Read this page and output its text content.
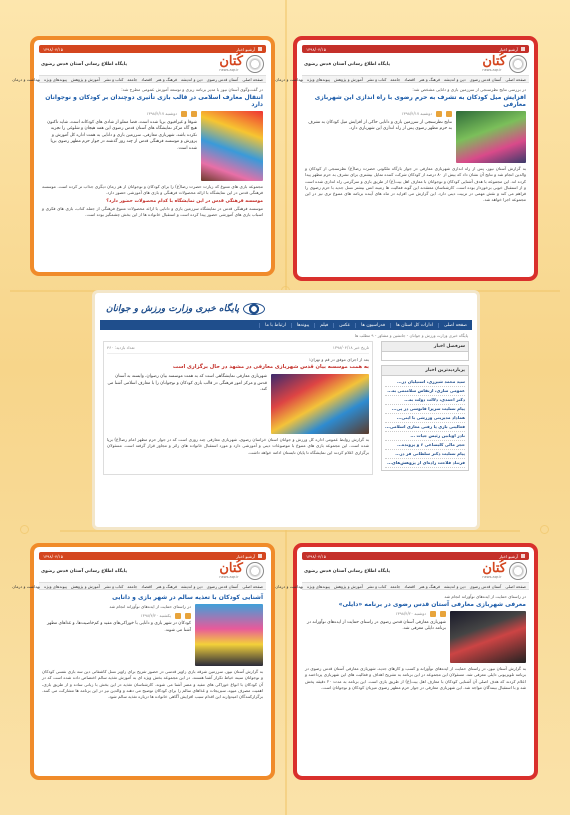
۱۳۹۸/۰۴/۱۵	آرشیو اخبار
کُتان
news.aqr.ir
پایگاه اطلاع رسانی آستان قدس رضوی
صفحه اصلی
آستان قدس رضوی
دین و اندیشه
فرهنگ و هنر
اقتصاد
جامعه
کتاب و نشر
آموزش و پژوهش
پیوندهای ویژه
بهداشت و درمان
در بررسی نتایج نظرسنجی از سرزمین بازی و دانایی مشخص شد:
افزایش میل کودکان به تشرف به حرم رضوی با راه اندازی این شهربازی معارفی
دوشنبه ۱۳۹۸/۴/۱۷
نتایج نظرسنجی از سرزمین بازی و دانایی حاکی از افزایش میل کودکان به تشرف به حرم مطهر رضوی پس از راه اندازی این شهربازی دارد.
به گزارش آستان نیوز، پس از راه اندازی شهربازی معارفی در جوار بارگاه ملکوتی حضرت رضا(ع) نظرسنجی از کودکان و والدین انجام شد و نتایج آن نشان داد که بیش از ۸۰ درصد از کودکان شرکت کننده تمایل بیشتری برای تشرف به حرم مطهر پیدا کرده اند. این مجموعه با هدف آشنایی کودکان و نوجوانان با معارف اهل بیت(ع) از طریق بازی و سرگرمی راه اندازی شده است و از استقبال خوبی برخوردار بوده است. کارشناسان معتقدند این گونه فعالیت ها زمینه انس بیشتر نسل جدید با حرم رضوی را فراهم می کند و نقش مهمی در تربیت دینی دارد. این گزارش می افزاید در ماه های آینده برنامه های متنوع تری نیز در این مجموعه اجرا خواهد شد.
۱۳۹۸/۰۴/۱۵	آرشیو اخبار
کُتان
news.aqr.ir
پایگاه اطلاع رسانی آستان قدس رضوی
صفحه اصلی
آستان قدس رضوی
دین و اندیشه
فرهنگ و هنر
اقتصاد
جامعه
کتاب و نشر
آموزش و پژوهش
پیوندهای ویژه
بهداشت و درمان
در گفت‌وگوی آستان نیوز با مدیر برنامه ریزی و توسعه آموزش عمومی مطرح شد:
انتقال معارف اسلامی در قالب بازی تأثیری دوچندان بر کودکان و نوجوانان دارد
دوشنبه ۱۳۹۸/۴/۱۷
شوقا و غیرافیوی بریا شده است، فضا مملو از شادی های کودکانه است، شاید تاکنون هیچ گاه مرکز نمایشگاه های آستان قدس رضوی این همه هیجان و شلوغی را تجربه نکرده باشد. شهربازی معارفی، سرزمین بازی و دانایی به همت اداره کل آموزش و پرورش و موسسه فرهنگی قدس از چند روز گذشته در جوار حرم مطهر رضوی برپا شده است.
مجموعه بازی های متنوع که زیارت حضرت رضا(ع) را برای کودکان و نوجوانان از هر زمان دیگری جذاب تر کرده است. موسسه فرهنگی قدس در این نمایشگاه با ارائه محصولات فرهنگی و بازی های آموزشی حضور دارد.
موسسه فرهنگی قدس در این نمایشگاه با کدام محصولات حضور دارد؟
موسسه فرهنگی قدس در نمایشگاه سرزمین بازی و دانایی با ارائه محصولات متنوع فرهنگی از جمله کتاب، بازی های فکری و اسباب بازی های آموزشی حضور پیدا کرده است و استقبال خانواده ها از این بخش چشمگیر بوده است.
پایگاه خبری وزارت ورزش و جوانان
صفحه اصلی
ادارات کل استان ها
فدراسیون ها
عکس
فیلم
پیوندها
ارتباط با ما
پایگاه خبری وزارت ورزش و جوانان - جانشین و مشاور - ۹ مطلب ها
سرفصل اخبار
پربازدیدترین اخبار
سید محمد شیرزی، استیلیان در...
عمومی سازی، ارتقاس سلامتمی به...
دکتر احمدی، دلالت دولت به...
پیام تسلیت سرپرا قانوسی در پی...
هماداد مدیریتی ورزشی با ایتی...
فعالیتی بازی پا رفتی معاری اسلامی...
نادر اویابین رئیس جیات ...
حجز مالی کلیساغی ۶ و پرونده...
پیام تسلیت دکتر سلطانی فر در...
فرتناد فلاحت زاده‌ای از پژوهش‌های...
تاریخ خبر ۱۳۹۸/۰۴/۱۸
تعداد بازدید: ۴۶۰
بعد از اجرای موفق در قم و تهران؛
به همت موسسه بیان قدس شهربازی معارفی در مشهد در حال برگزاری است
شهربازی معارفی نمایشگاهی است که به همت موسسه بیان رضوان، وابسته به آستان قدس و مرکز امور فرهنگی در قالب بازی کودکان و نوجوانان را با معارف اسلامی آشنا می کند.
به گزارش روابط عمومی اداره کل ورزش و جوانان استان خراسان رضوی، شهربازی معارفی چند روزی است که در جوار حرم مطهر امام رضا(ع) برپا شده است. این مجموعه بازی های متنوع با موضوعات دینی و آموزشی دارد و مورد استقبال خانواده های زائر و مجاور قرار گرفته است. مسئولان برگزاری اعلام کردند این نمایشگاه تا پایان تابستان ادامه خواهد داشت.
۱۳۹۸/۰۴/۱۵	آرشیو اخبار
کُتان
news.aqr.ir
پایگاه اطلاع رسانی آستان قدس رضوی
صفحه اصلی
آستان قدس رضوی
دین و اندیشه
فرهنگ و هنر
اقتصاد
جامعه
کتاب و نشر
آموزش و پژوهش
پیوندهای ویژه
بهداشت و درمان
آشنایی کودکان با تغذیه سالم در شهر بازی و دانایی
در راستای حمایت از ایده‌های نوآورانه انجام شد
یکشنبه ۱۳۹۸/۴/۲۰
کودکان در شهر بازی و دانایی با خوراکی‌های مفید و کم‌خاصیت‌ها، و غذاهای مطهر آشنا می شوند.
به گزارش آستان نیوز، سرزمین شرقه بازی زاویر قدسی در حضور تفریح برای زاویر نسل کاشفاتی دین سه بازی نفسی کودکان و نوجوانان سینه خیاط تکرار آشنا هستند. در این مجموعه بخش ویژه ای به آموزش تغذیه سالم اختصاص داده شده است که در آن کودکان با انواع خوراکی های مفید و مضر آشنا می شوند. کارشناسان تغذیه در این بخش با زبانی ساده و از طریق بازی، اهمیت مصرف میوه، سبزیجات و غذاهای سالم را برای کودکان توضیح می دهند و والدین نیز در این برنامه ها مشارکت می کنند. برگزارکنندگان امیدوارند این اقدام سبب افزایش آگاهی خانواده ها درباره تغذیه سالم شود.
۱۳۹۸/۰۴/۱۵	آرشیو اخبار
کُتان
news.aqr.ir
پایگاه اطلاع رسانی آستان قدس رضوی
صفحه اصلی
آستان قدس رضوی
دین و اندیشه
فرهنگ و هنر
اقتصاد
جامعه
کتاب و نشر
آموزش و پژوهش
پیوندهای ویژه
بهداشت و درمان
در راستای حمایت از ایده‌های نوآورانه انجام شد
معرفی شهربازی معارفی آستان قدس رضوی در برنامه «دایلی»
دوشنبه ۱۳۹۸/۴/۲۰
شهربازی معارفی آستان قدس رضوی در راستای حمایت از ایده‌های نوآورانه در برنامه دایلی معرفی شد.
به گزارش آستان نیوز، در راستای حمایت از ایده‌های نوآورانه و کسب و کارهای جدید، شهربازی معارفی آستان قدس رضوی در برنامه تلویزیونی دایلی معرفی شد. مسئولان این مجموعه در این برنامه به تشریح اهداف و فعالیت های این شهربازی پرداختند و اعلام کردند که هدف اصلی آن آشنایی کودکان با معارف اهل بیت(ع) از طریق بازی است. این برنامه به مدت ۲۰ دقیقه پخش شد و با استقبال بینندگان مواجه شد. این شهربازی معارفی در جوار حرم مطهر رضوی میزبان کودکان و نوجوانان است.
